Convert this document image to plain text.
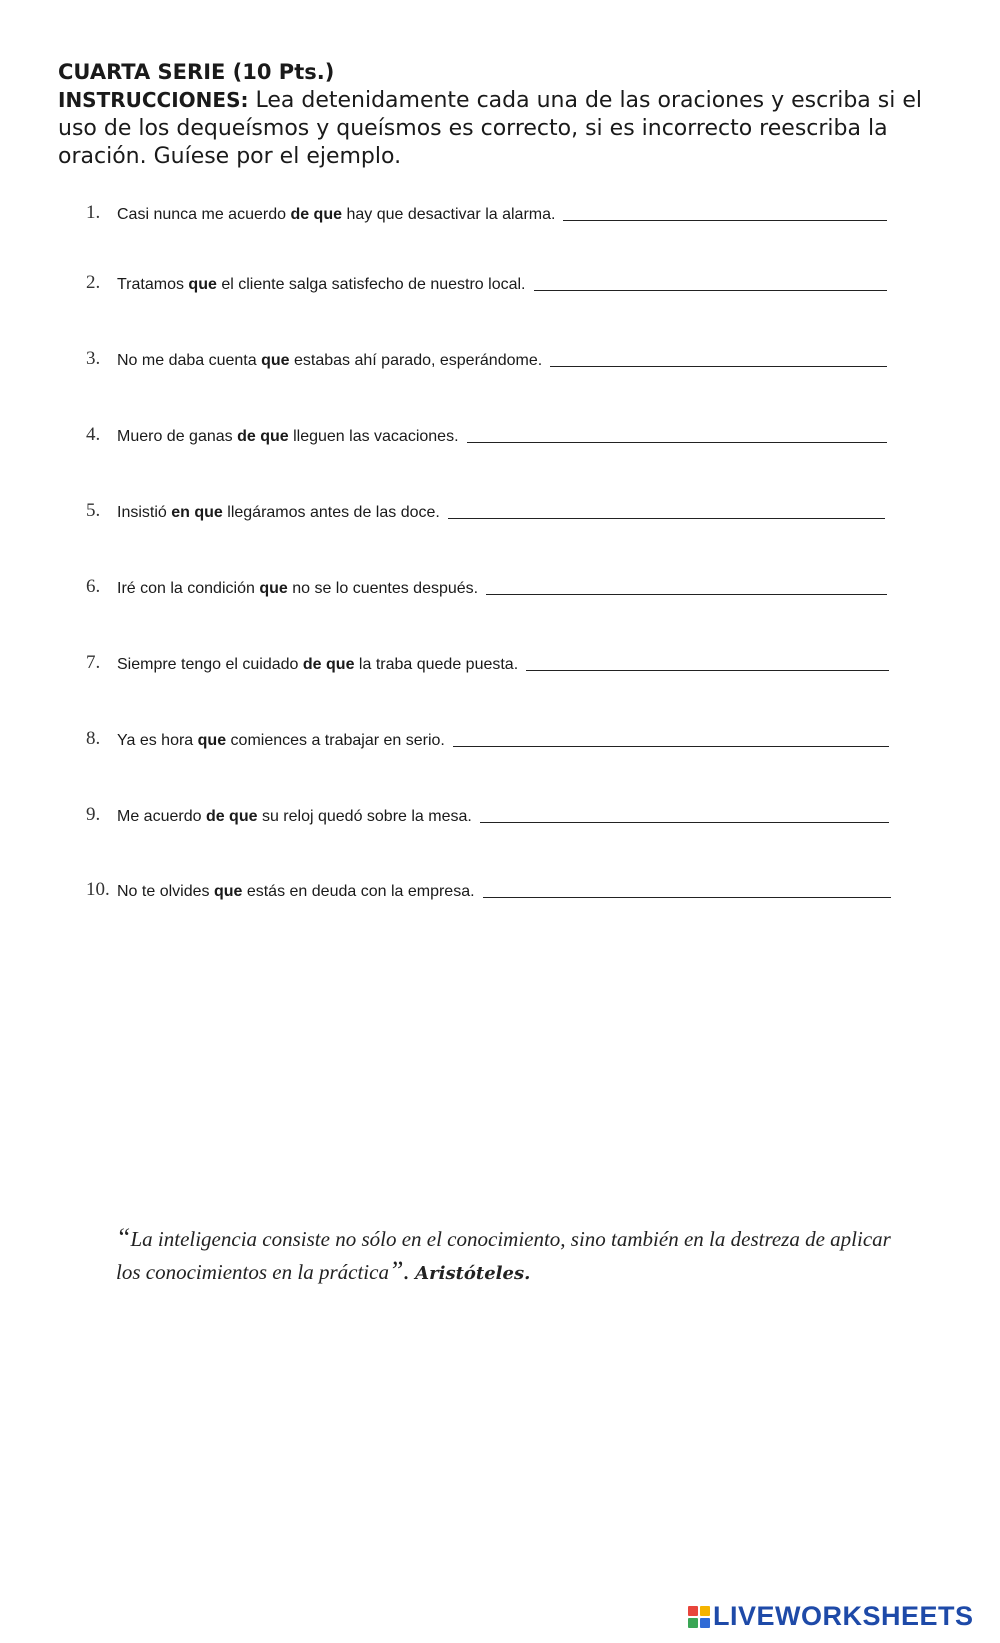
CUARTA SERIE (10 Pts.)
INSTRUCCIONES: Lea detenidamente cada una de las oraciones y escriba si el uso de los dequeísmos y queísmos es correcto, si es incorrecto reescriba la oración. Guíese por el ejemplo.
1.	Casi nunca me acuerdo de que hay que desactivar la alarma.
2.	Tratamos que el cliente salga satisfecho de nuestro local.
3.	No me daba cuenta que estabas ahí parado, esperándome.
4.	Muero de ganas de que lleguen las vacaciones.
5.	Insistió en que llegáramos antes de las doce.
6.	Iré con la condición que no se lo cuentes después.
7.	Siempre tengo el cuidado de que la traba quede puesta.
8.	Ya es hora que comiences a trabajar en serio.
9.	Me acuerdo de que su reloj quedó sobre la mesa.
10. No te olvides que estás en deuda con la empresa.
“La inteligencia consiste no sólo en el conocimiento, sino también en la destreza de aplicar los conocimientos en la práctica”. Aristóteles.
LIVEWORKSHEETS
